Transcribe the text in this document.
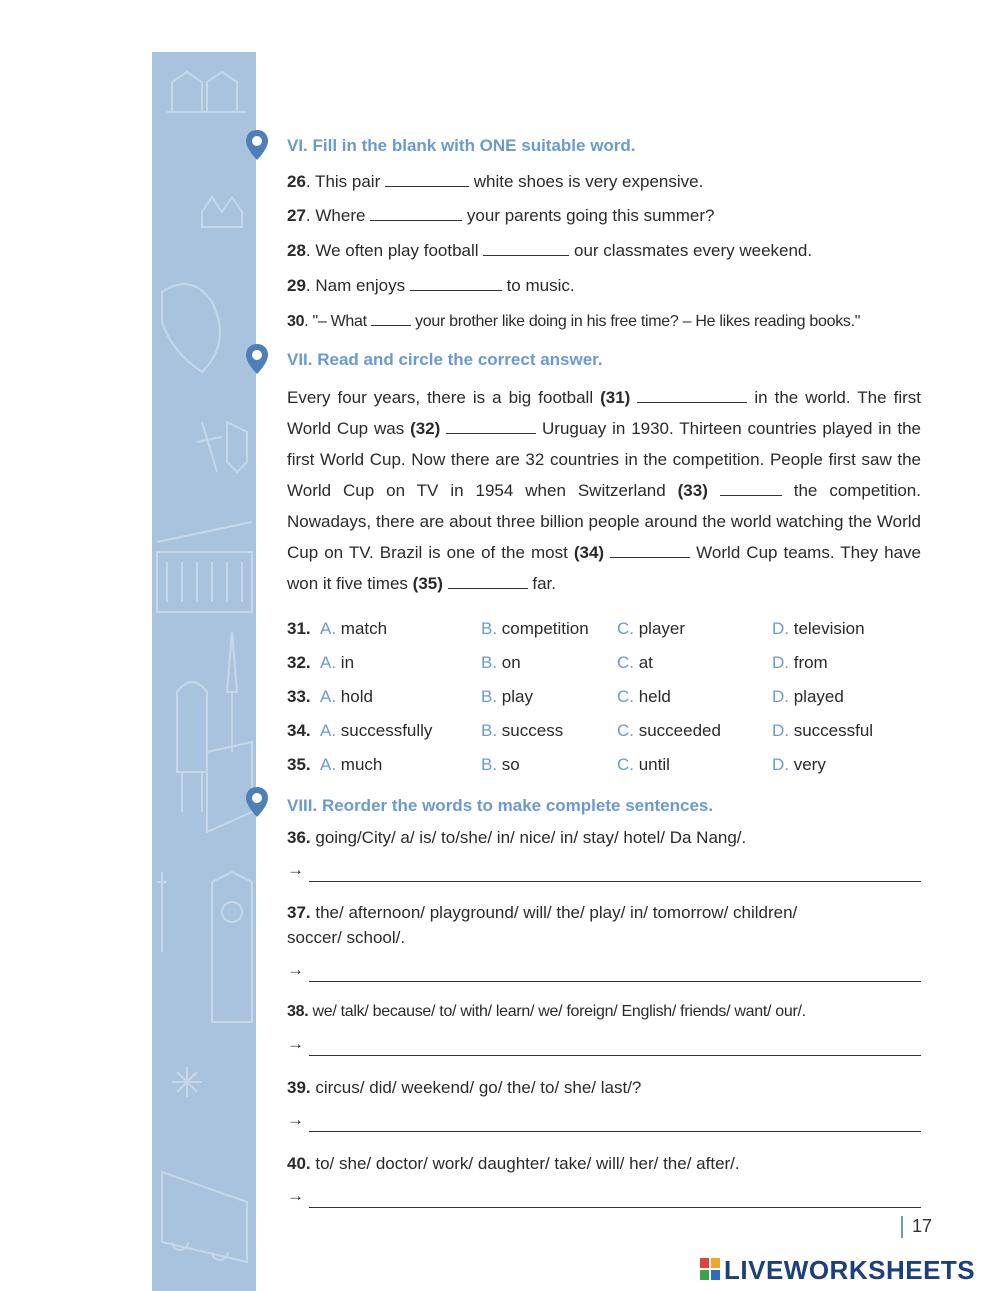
VI. Fill in the blank with ONE suitable word.
26. This pair	white shoes is very expensive.
27. Where	your parents going this summer?
28. We often play football	our classmates every weekend.
29. Nam enjoys	to music.
30. "– What	your brother like doing in his free time? – He likes reading books."
VII. Read and circle the correct answer.
Every four years, there is a big football (31)	in the world. The first World Cup was (32)	Uruguay in 1930. Thirteen countries played in the first World Cup. Now there are 32 countries in the competition. People first saw the World Cup on TV in 1954 when Switzerland (33)	the competition. Nowadays, there are about three billion people around the world watching the World Cup on TV. Brazil is one of the most (34)	World Cup teams. They have won it five times (35)	far.
31. A. match	B. competition C. player	D. television
32. A. in	B. on	C. at	D. from
33. A. hold	B. play	C. held	D. played
34. A. successfully	B. success	C. succeeded	D. successful
35. A. much	B. so	C. until	D. very
VIII. Reorder the words to make complete sentences.
36. going/City/ a/ is/ to/she/ in/ nice/ in/ stay/ hotel/ Da Nang/.
→
37. the/ afternoon/ playground/ will/ the/ play/ in/ tomorrow/ children/
soccer/ school/.
→
38. we/ talk/ because/ to/ with/ learn/ we/ foreign/ English/ friends/ want/ our/.
→
39. circus/ did/ weekend/ go/ the/ to/ she/ last/?
→
40. to/ she/ doctor/ work/ daughter/ take/ will/ her/ the/ after/.
→
17
LIVEWORKSHEETS
